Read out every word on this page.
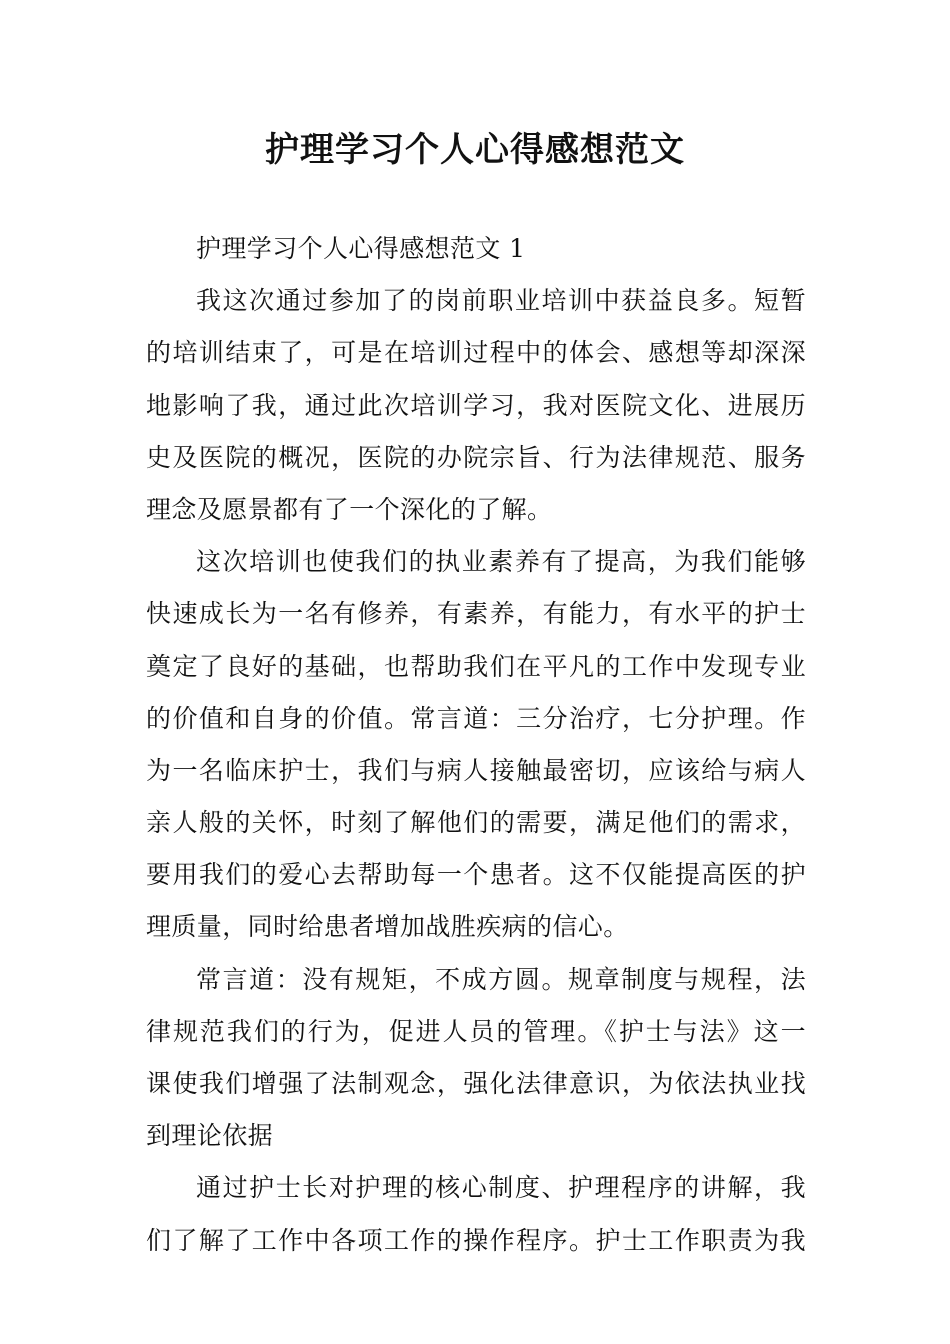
护理学习个人心得感想范文
护理学习个人心得感想范文 1
我这次通过参加了的岗前职业培训中获益良多。短暂
的培训结束了，可是在培训过程中的体会、感想等却深深
地影响了我，通过此次培训学习，我对医院文化、进展历
史及医院的概况，医院的办院宗旨、行为法律规范、服务
理念及愿景都有了一个深化的了解。
这次培训也使我们的执业素养有了提高，为我们能够
快速成长为一名有修养，有素养，有能力，有水平的护士
奠定了良好的基础，也帮助我们在平凡的工作中发现专业
的价值和自身的价值。常言道：三分治疗，七分护理。作
为一名临床护士，我们与病人接触最密切，应该给与病人
亲人般的关怀，时刻了解他们的需要，满足他们的需求，
要用我们的爱心去帮助每一个患者。这不仅能提高医的护
理质量，同时给患者增加战胜疾病的信心。
常言道：没有规矩，不成方圆。规章制度与规程，法
律规范我们的行为，促进人员的管理。《护士与法》这一
课使我们增强了法制观念，强化法律意识，为依法执业找
到理论依据
通过护士长对护理的核心制度、护理程序的讲解，我
们了解了工作中各项工作的操作程序。护士工作职责为我
